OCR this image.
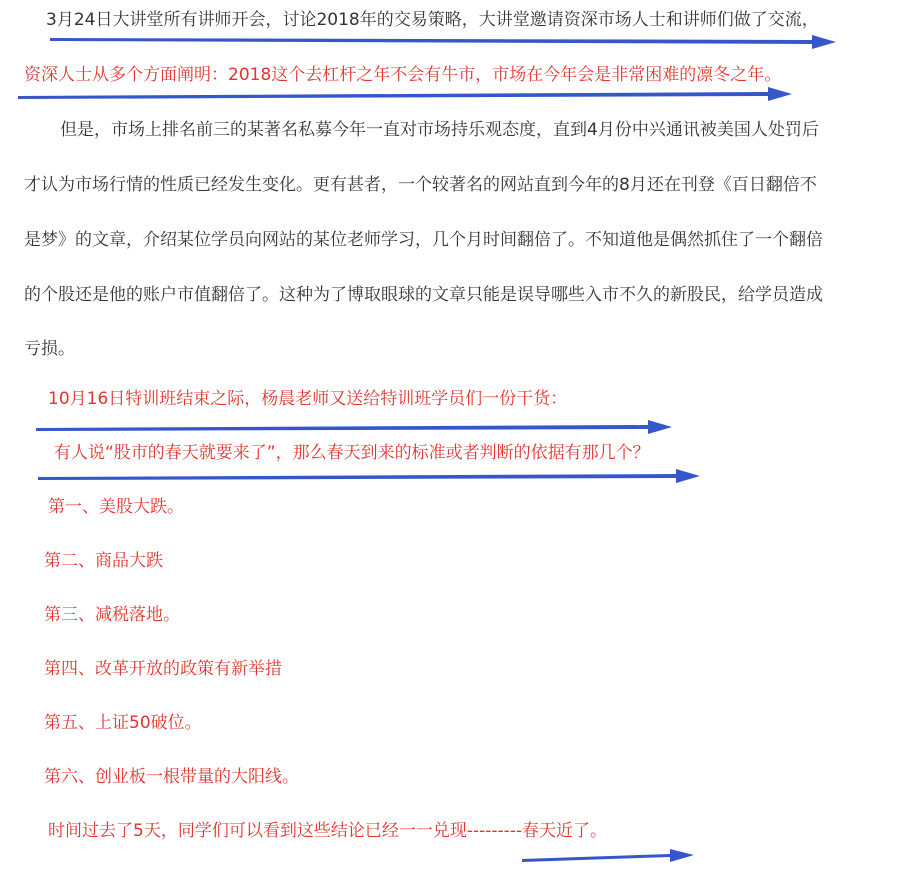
3月24日大讲堂所有讲师开会，讨论2018年的交易策略，大讲堂邀请资深市场人士和讲师们做了交流，
资深人士从多个方面阐明：2018这个去杠杆之年不会有牛市，市场在今年会是非常困难的凛冬之年。
但是，市场上排名前三的某著名私募今年一直对市场持乐观态度，直到4月份中兴通讯被美国人处罚后
才认为市场行情的性质已经发生变化。更有甚者，一个较著名的网站直到今年的8月还在刊登《百日翻倍不
是梦》的文章，介绍某位学员向网站的某位老师学习，几个月时间翻倍了。不知道他是偶然抓住了一个翻倍
的个股还是他的账户市值翻倍了。这种为了博取眼球的文章只能是误导哪些入市不久的新股民，给学员造成
亏损。
10月16日特训班结束之际，杨晨老师又送给特训班学员们一份干货：
有人说“股市的春天就要来了”，那么春天到来的标准或者判断的依据有那几个？
第一、美股大跌。
第二、商品大跌
第三、减税落地。
第四、改革开放的政策有新举措
第五、上证50破位。
第六、创业板一根带量的大阳线。
时间过去了5天，同学们可以看到这些结论已经一一兑现---------春天近了。
